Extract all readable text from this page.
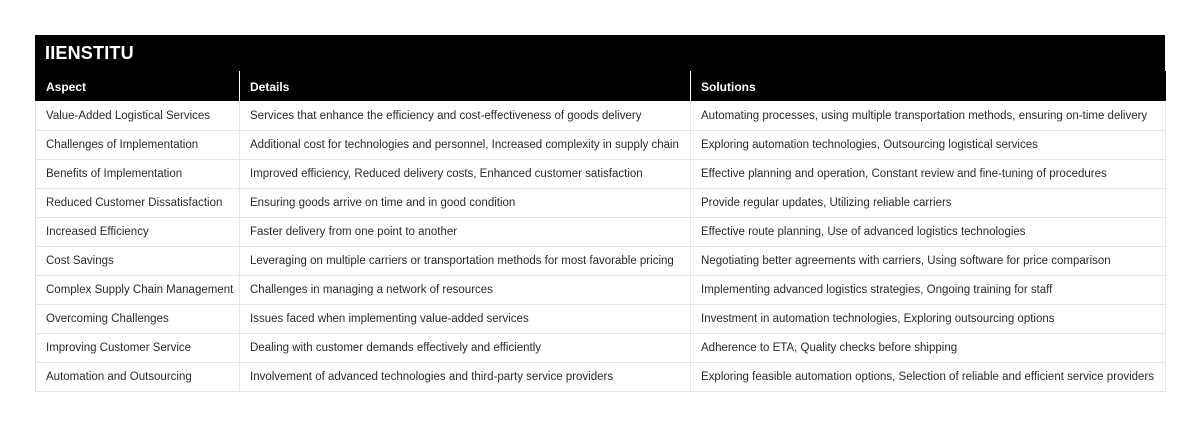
IIENSTITU
Aspect	Details	Solutions
Value-Added Logistical Services	Services that enhance the efficiency and cost-effectiveness of goods delivery	Automating processes, using multiple transportation methods, ensuring on-time delivery
Challenges of Implementation	Additional cost for technologies and personnel, Increased complexity in supply chain	Exploring automation technologies, Outsourcing logistical services
Benefits of Implementation	Improved efficiency, Reduced delivery costs, Enhanced customer satisfaction	Effective planning and operation, Constant review and fine-tuning of procedures
Reduced Customer Dissatisfaction	Ensuring goods arrive on time and in good condition	Provide regular updates, Utilizing reliable carriers
Increased Efficiency	Faster delivery from one point to another	Effective route planning, Use of advanced logistics technologies
Cost Savings	Leveraging on multiple carriers or transportation methods for most favorable pricing	Negotiating better agreements with carriers, Using software for price comparison
Complex Supply Chain Management	Challenges in managing a network of resources	Implementing advanced logistics strategies, Ongoing training for staff
Overcoming Challenges	Issues faced when implementing value-added services	Investment in automation technologies, Exploring outsourcing options
Improving Customer Service	Dealing with customer demands effectively and efficiently	Adherence to ETA, Quality checks before shipping
Automation and Outsourcing	Involvement of advanced technologies and third-party service providers	Exploring feasible automation options, Selection of reliable and efficient service providers
